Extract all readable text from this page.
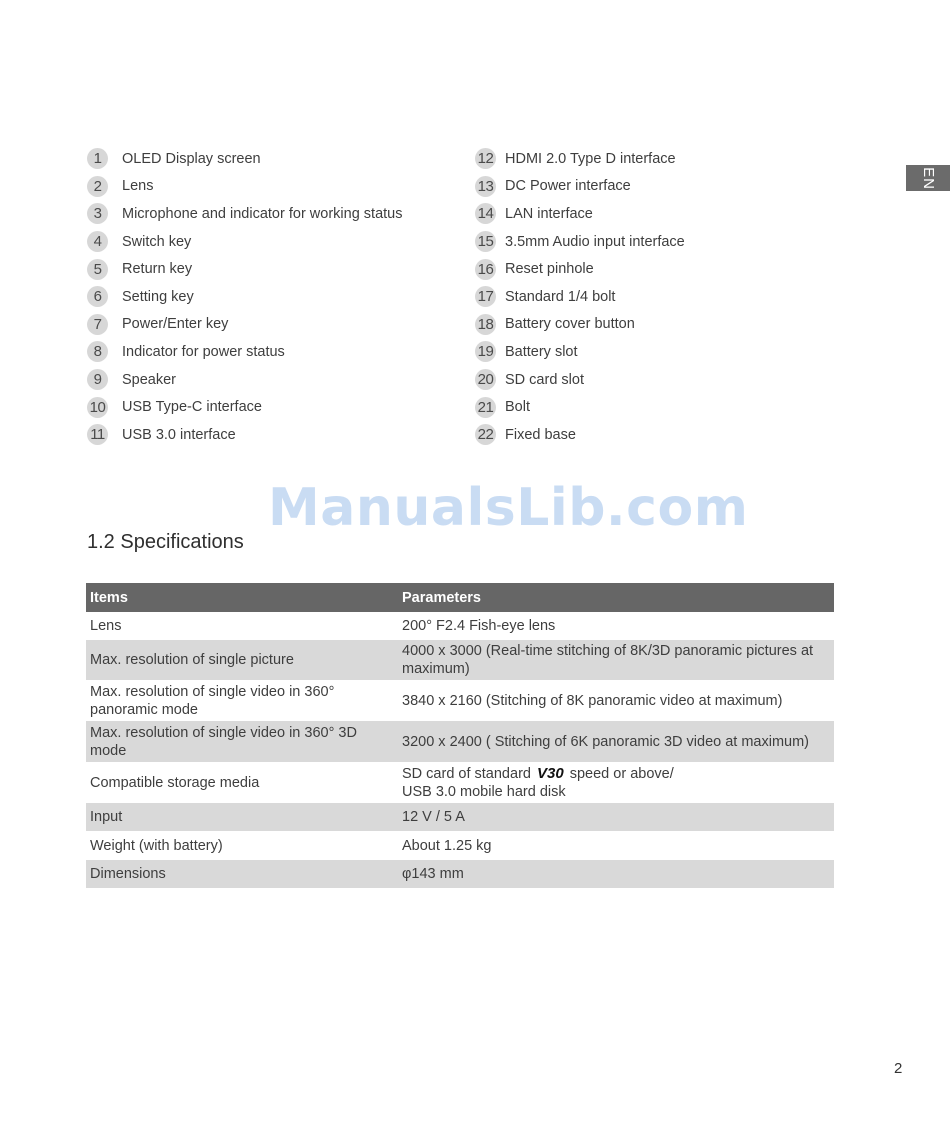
EN
1	OLED Display screen
2	Lens
3	Microphone and indicator for working status
4	Switch key
5	Return key
6	Setting key
7	Power/Enter key
8	Indicator for power status
9	Speaker
10 USB Type-C interface
11 USB 3.0 interface
12 HDMI 2.0 Type D interface
13 DC Power interface
14 LAN interface
15 3.5mm Audio input interface
16 Reset pinhole
17 Standard 1/4 bolt
18 Battery cover button
19 Battery slot
20 SD card slot
21 Bolt
22 Fixed base
ManualsLib.com
1.2 Specifications
Items	Parameters
Lens	200° F2.4 Fish-eye lens
Max. resolution of single picture	4000 x 3000 (Real-time stitching of 8K/3D panoramic pictures at maximum)
Max. resolution of single video in 360° panoramic mode	3840 x 2160 (Stitching of 8K panoramic video at maximum)
Max. resolution of single video in 360° 3D mode	3200 x 2400 ( Stitching of 6K panoramic 3D video at maximum)
Compatible storage media	SD card of standard V30 speed or above/
USB 3.0 mobile hard disk
Input	12 V / 5 A
Weight (with battery)	About 1.25 kg
Dimensions	φ143 mm
2
